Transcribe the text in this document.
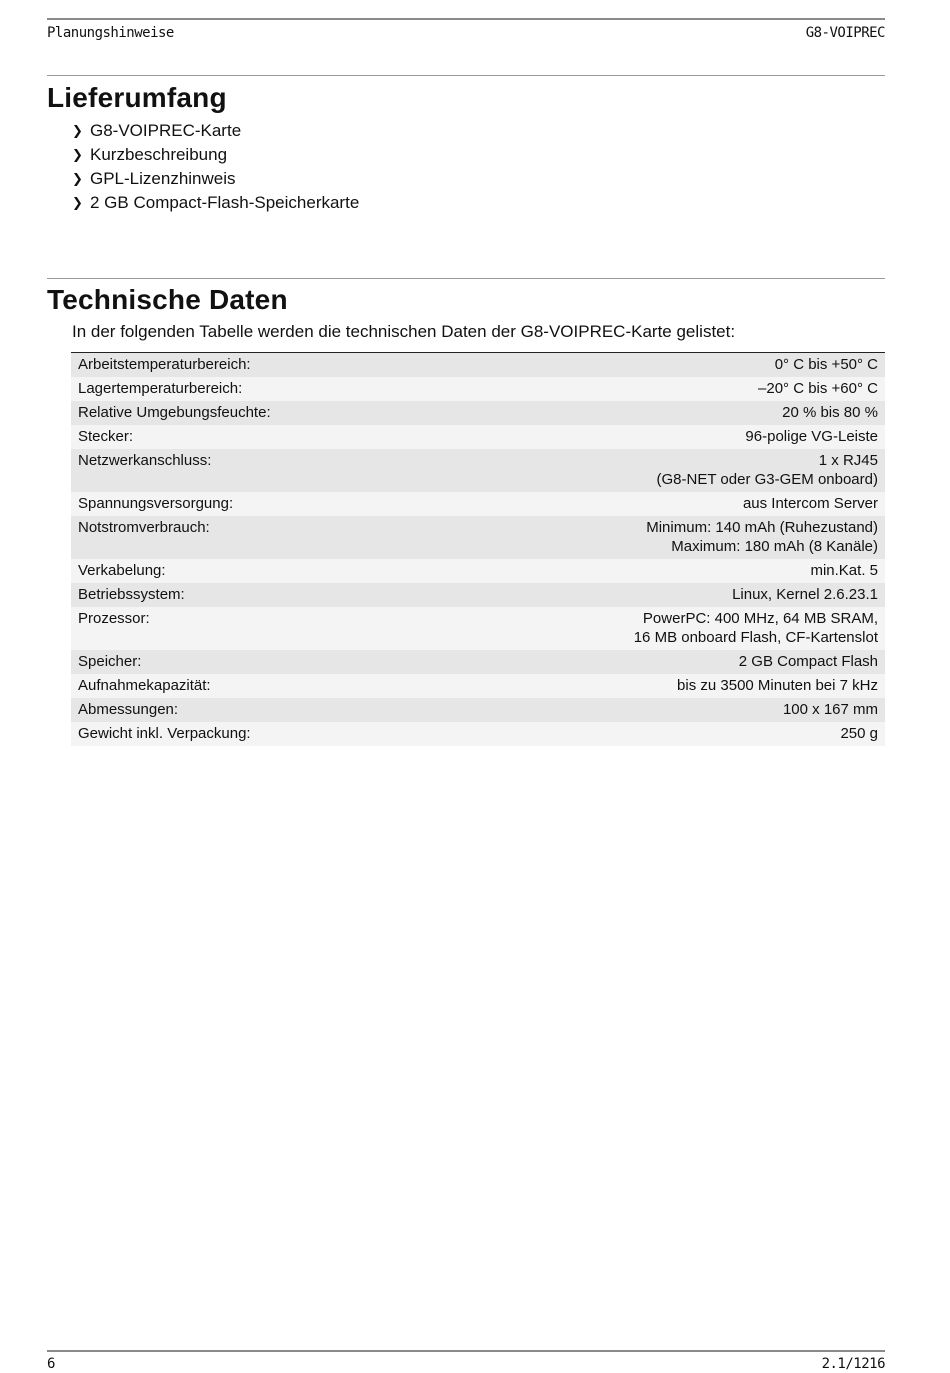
Planungshinweise	G8-VOIPREC
Lieferumfang
❯ G8-VOIPREC-Karte
❯ Kurzbeschreibung
❯ GPL-Lizenzhinweis
❯ 2 GB Compact-Flash-Speicherkarte
Technische Daten
In der folgenden Tabelle werden die technischen Daten der G8-VOIPREC-Karte gelistet:
Arbeitstemperaturbereich:	0° C bis +50° C

Lagertemperaturbereich:	–20° C bis +60° C

Relative Umgebungsfeuchte:	20 % bis 80 %

Stecker:	96-polige VG-Leiste

Netzwerkanschluss:	1 x RJ45
(G8-NET oder G3-GEM onboard)

Spannungsversorgung:	aus Intercom Server

Notstromverbrauch:	Minimum: 140 mAh (Ruhezustand)
Maximum: 180 mAh (8 Kanäle)

Verkabelung:	min.Kat. 5

Betriebssystem:	Linux, Kernel 2.6.23.1

Prozessor:	PowerPC: 400 MHz, 64 MB SRAM,
16 MB onboard Flash, CF-Kartenslot

Speicher:	2 GB Compact Flash

Aufnahmekapazität:	bis zu 3500 Minuten bei 7 kHz

Abmessungen:	100 x 167 mm

Gewicht inkl. Verpackung:	250 g
6	2.1/1216
